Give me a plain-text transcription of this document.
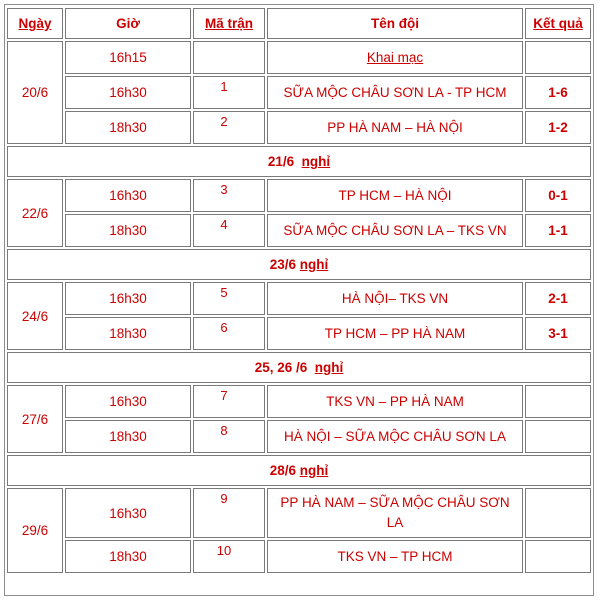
Ngày	Giờ	Mã trận	Tên đội	Kết quả
20/6	16h15		Khai mạc	
	16h30	1	SỮA MỘC CHÂU SƠN LA - TP HCM	1-6
	18h30	2	PP HÀ NAM – HÀ NỘI	1-2
21/6 nghỉ				
22/6	16h30	3	TP HCM – HÀ NỘI	0-1
	18h30	4	SỮA MỘC CHÂU SƠN LA – TKS VN	1-1
23/6 nghỉ				
24/6	16h30	5	HÀ NỘI– TKS VN	2-1
	18h30	6	TP HCM – PP HÀ NAM	3-1
25, 26 /6 nghỉ				
27/6	16h30	7	TKS VN – PP HÀ NAM	
	18h30	8	HÀ NỘI – SỮA MỘC CHÂU SƠN LA	
28/6 nghỉ				
29/6	16h30	9	PP HÀ NAM – SỮA MỘC CHÂU SƠN LA	
	18h30	10	TKS VN – TP HCM	
